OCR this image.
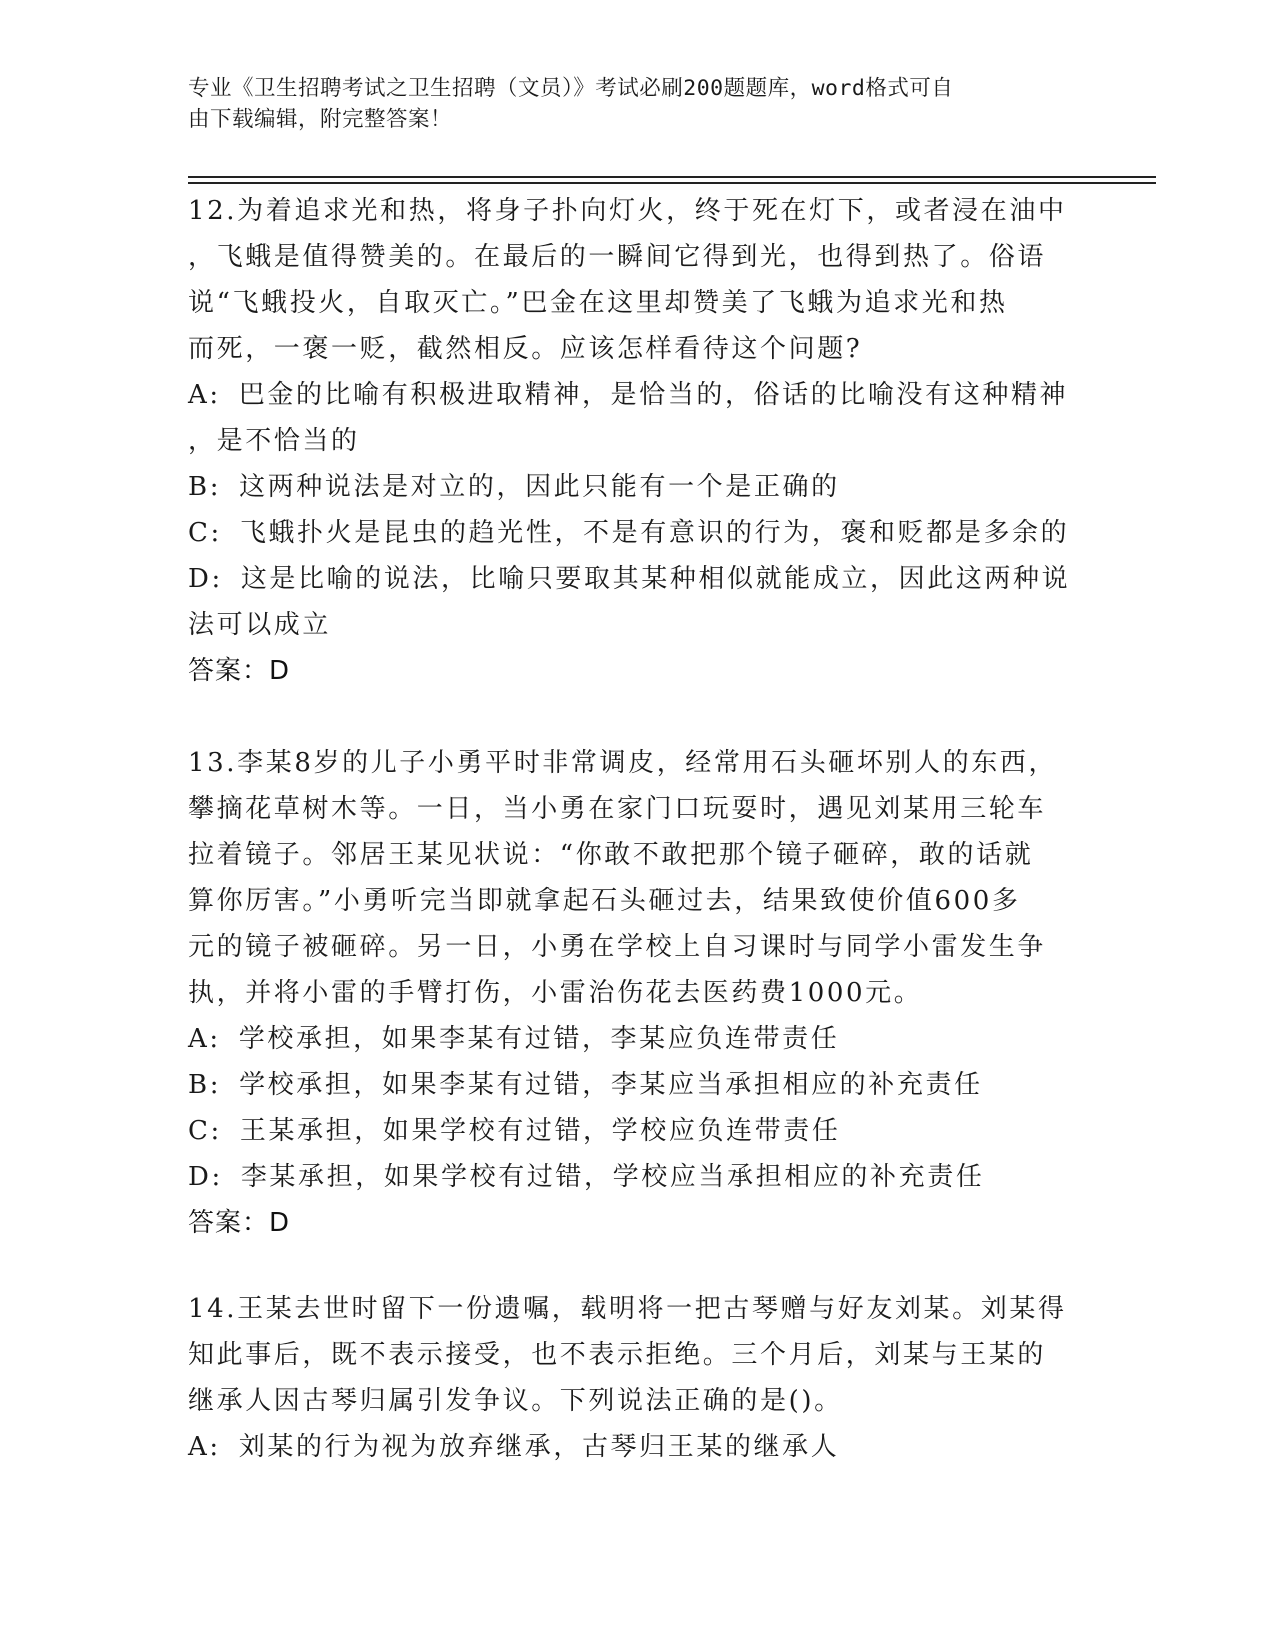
专业《卫生招聘考试之卫生招聘（文员）》考试必刷200题题库，word格式可自
由下载编辑，附完整答案！
12.为着追求光和热，将身子扑向灯火，终于死在灯下，或者浸在油中
，飞蛾是值得赞美的。在最后的一瞬间它得到光，也得到热了。俗语
说“飞蛾投火，自取灭亡。”巴金在这里却赞美了飞蛾为追求光和热
而死，一褒一贬，截然相反。应该怎样看待这个问题?
A: 巴金的比喻有积极进取精神，是恰当的，俗话的比喻没有这种精神
，是不恰当的
B: 这两种说法是对立的，因此只能有一个是正确的
C: 飞蛾扑火是昆虫的趋光性，不是有意识的行为，褒和贬都是多余的
D: 这是比喻的说法，比喻只要取其某种相似就能成立，因此这两种说
法可以成立
答案：D
13.李某8岁的儿子小勇平时非常调皮，经常用石头砸坏别人的东西，
攀摘花草树木等。一日，当小勇在家门口玩耍时，遇见刘某用三轮车
拉着镜子。邻居王某见状说：“你敢不敢把那个镜子砸碎，敢的话就
算你厉害。”小勇听完当即就拿起石头砸过去，结果致使价值600多
元的镜子被砸碎。另一日，小勇在学校上自习课时与同学小雷发生争
执，并将小雷的手臂打伤，小雷治伤花去医药费1000元。
A: 学校承担，如果李某有过错，李某应负连带责任
B: 学校承担，如果李某有过错，李某应当承担相应的补充责任
C: 王某承担，如果学校有过错，学校应负连带责任
D: 李某承担，如果学校有过错，学校应当承担相应的补充责任
答案：D
14.王某去世时留下一份遗嘱，载明将一把古琴赠与好友刘某。刘某得
知此事后，既不表示接受，也不表示拒绝。三个月后，刘某与王某的
继承人因古琴归属引发争议。下列说法正确的是()。
A: 刘某的行为视为放弃继承，古琴归王某的继承人
